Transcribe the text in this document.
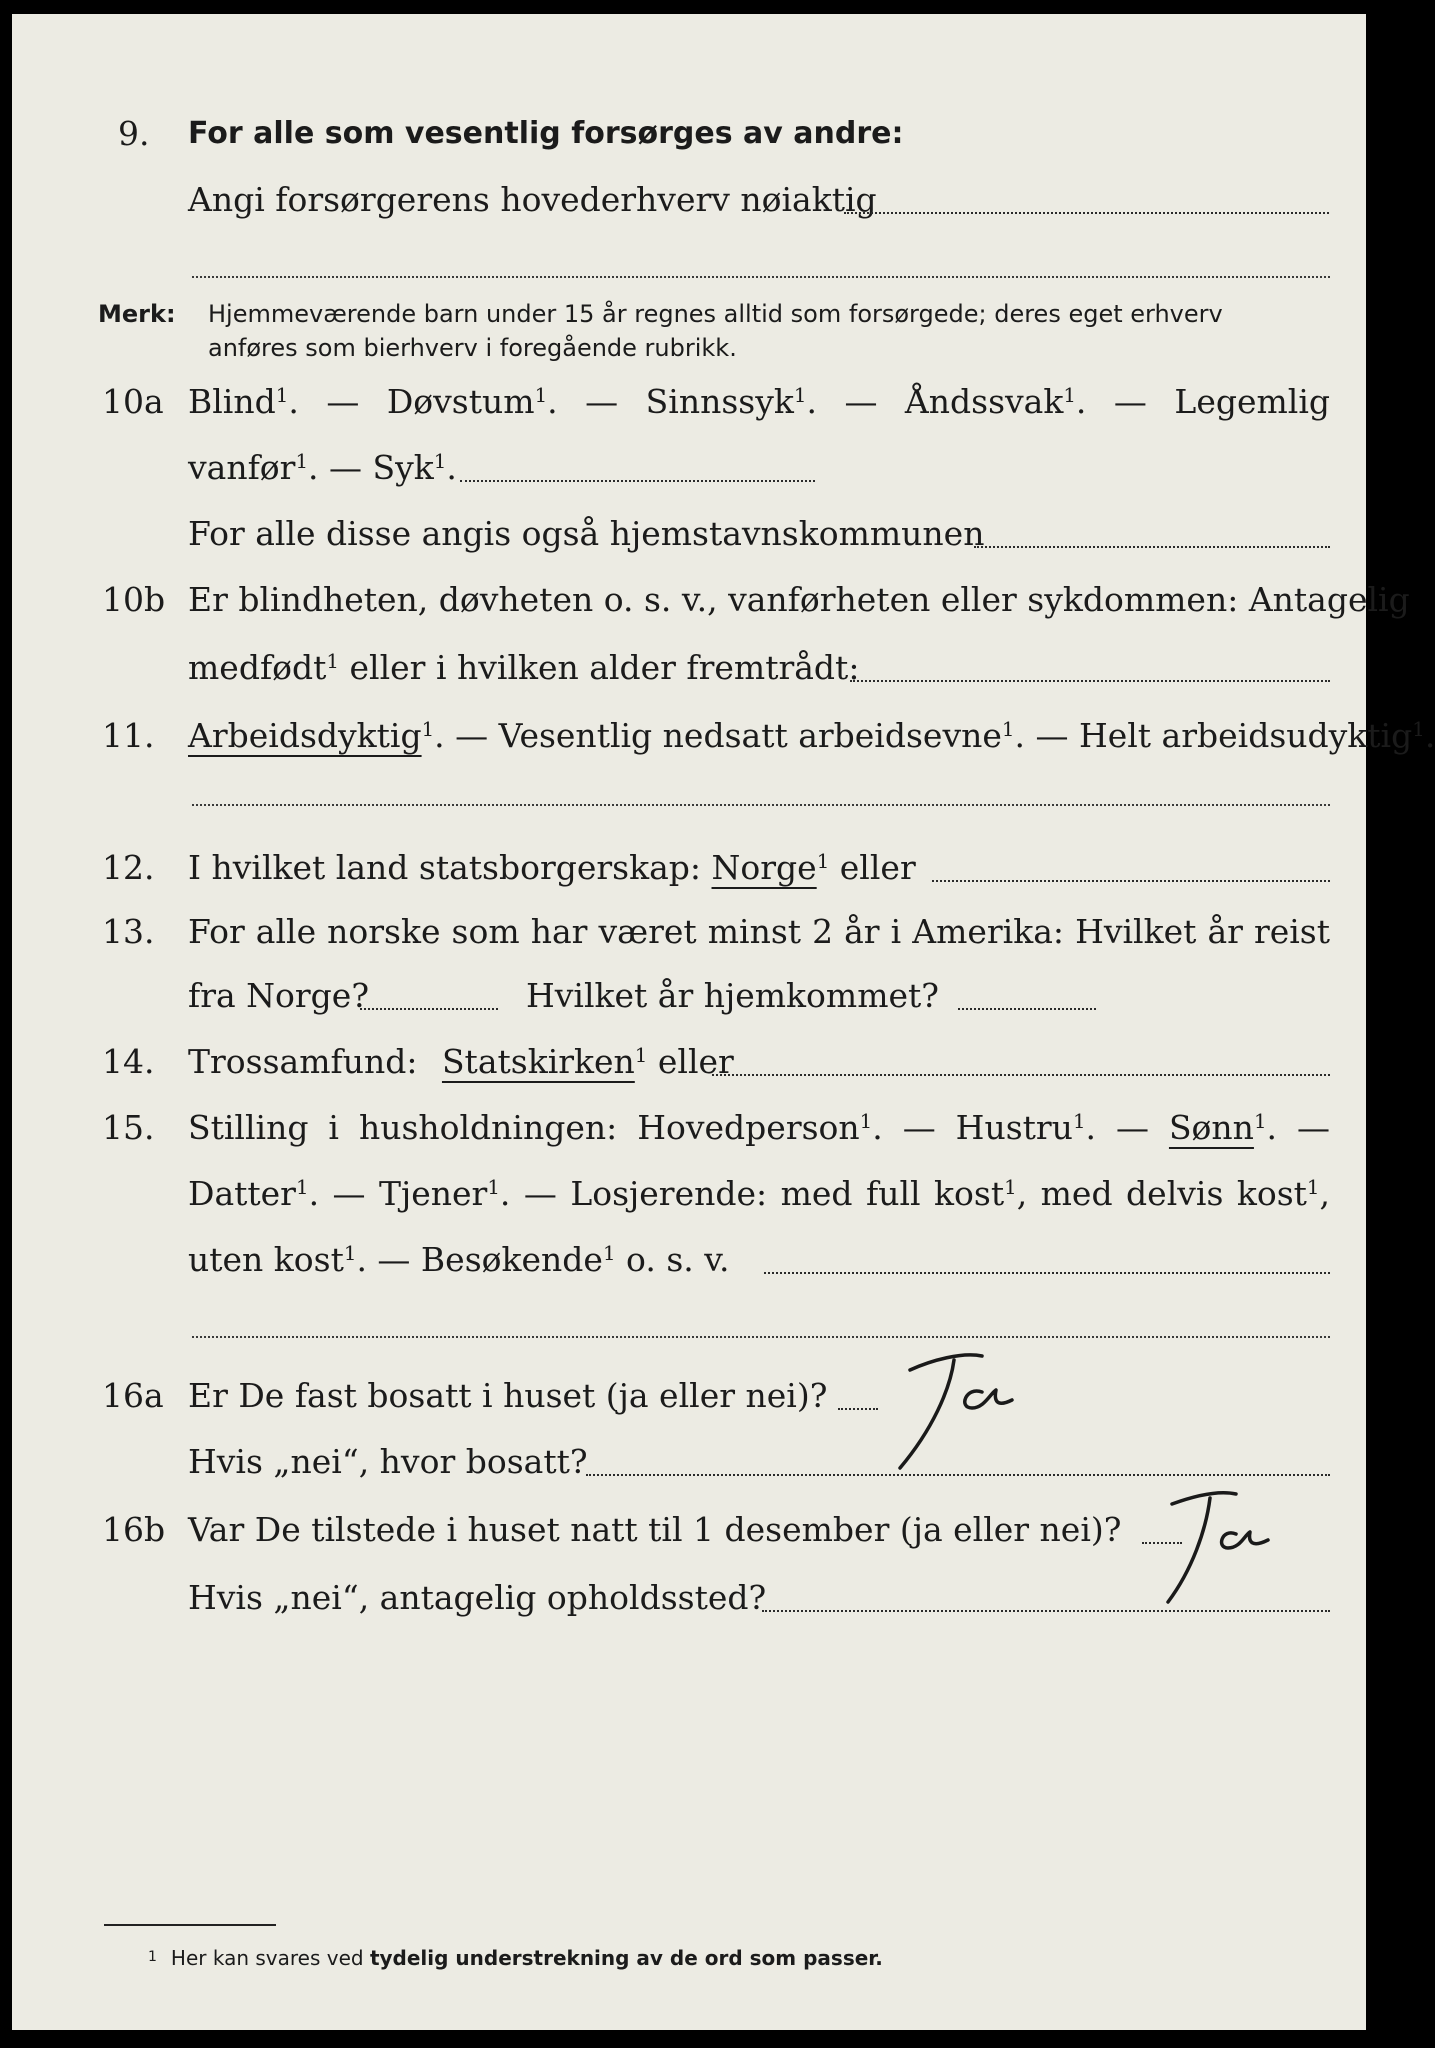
9. For alle som vesentlig forsørges av andre:
Angi forsørgerens hovederhverv nøiaktig
Merk: Hjemmeværende barn under 15 år regnes alltid som forsørgede; deres eget erhverv
anføres som bierhverv i foregående rubrikk.
10a Blind$^1$. — Døvstum$^1$. — Sinnssyk$^1$. — Åndssvak$^1$. — Legemlig
vanfør$^1$. — Syk$^1$.
For alle disse angis også hjemstavnskommunen
10b Er blindheten, døvheten o. s. v., vanførheten eller sykdommen: Antagelig
medfødt$^1$ eller i hvilken alder fremtrådt:
11. Arbeidsdyktig$^1$. — Vesentlig nedsatt arbeidsevne$^1$. — Helt arbeidsudyktig$^1$.
12. I hvilket land statsborgerskap: Norge$^1$ eller
13. For alle norske som har været minst 2 år i Amerika: Hvilket år reist
fra Norge?	Hvilket år hjemkommet?
14. Trossamfund: Statskirken$^1$ eller
15. Stilling i husholdningen: Hovedperson$^1$. — Hustru$^1$. — Sønn$^1$. —
Datter$^1$. — Tjener$^1$. — Losjerende: med full kost$^1$, med delvis kost$^1$,
uten kost$^1$. — Besøkende$^1$ o. s. v.
16a Er De fast bosatt i huset (ja eller nei)?
Hvis „nei“, hvor bosatt?
Ja
16b Var De tilstede i huset natt til 1 desember (ja eller nei)?
Hvis „nei“, antagelig opholdssted?
Ja
$^1$ Her kan svares ved tydelig understrekning av de ord som passer.
